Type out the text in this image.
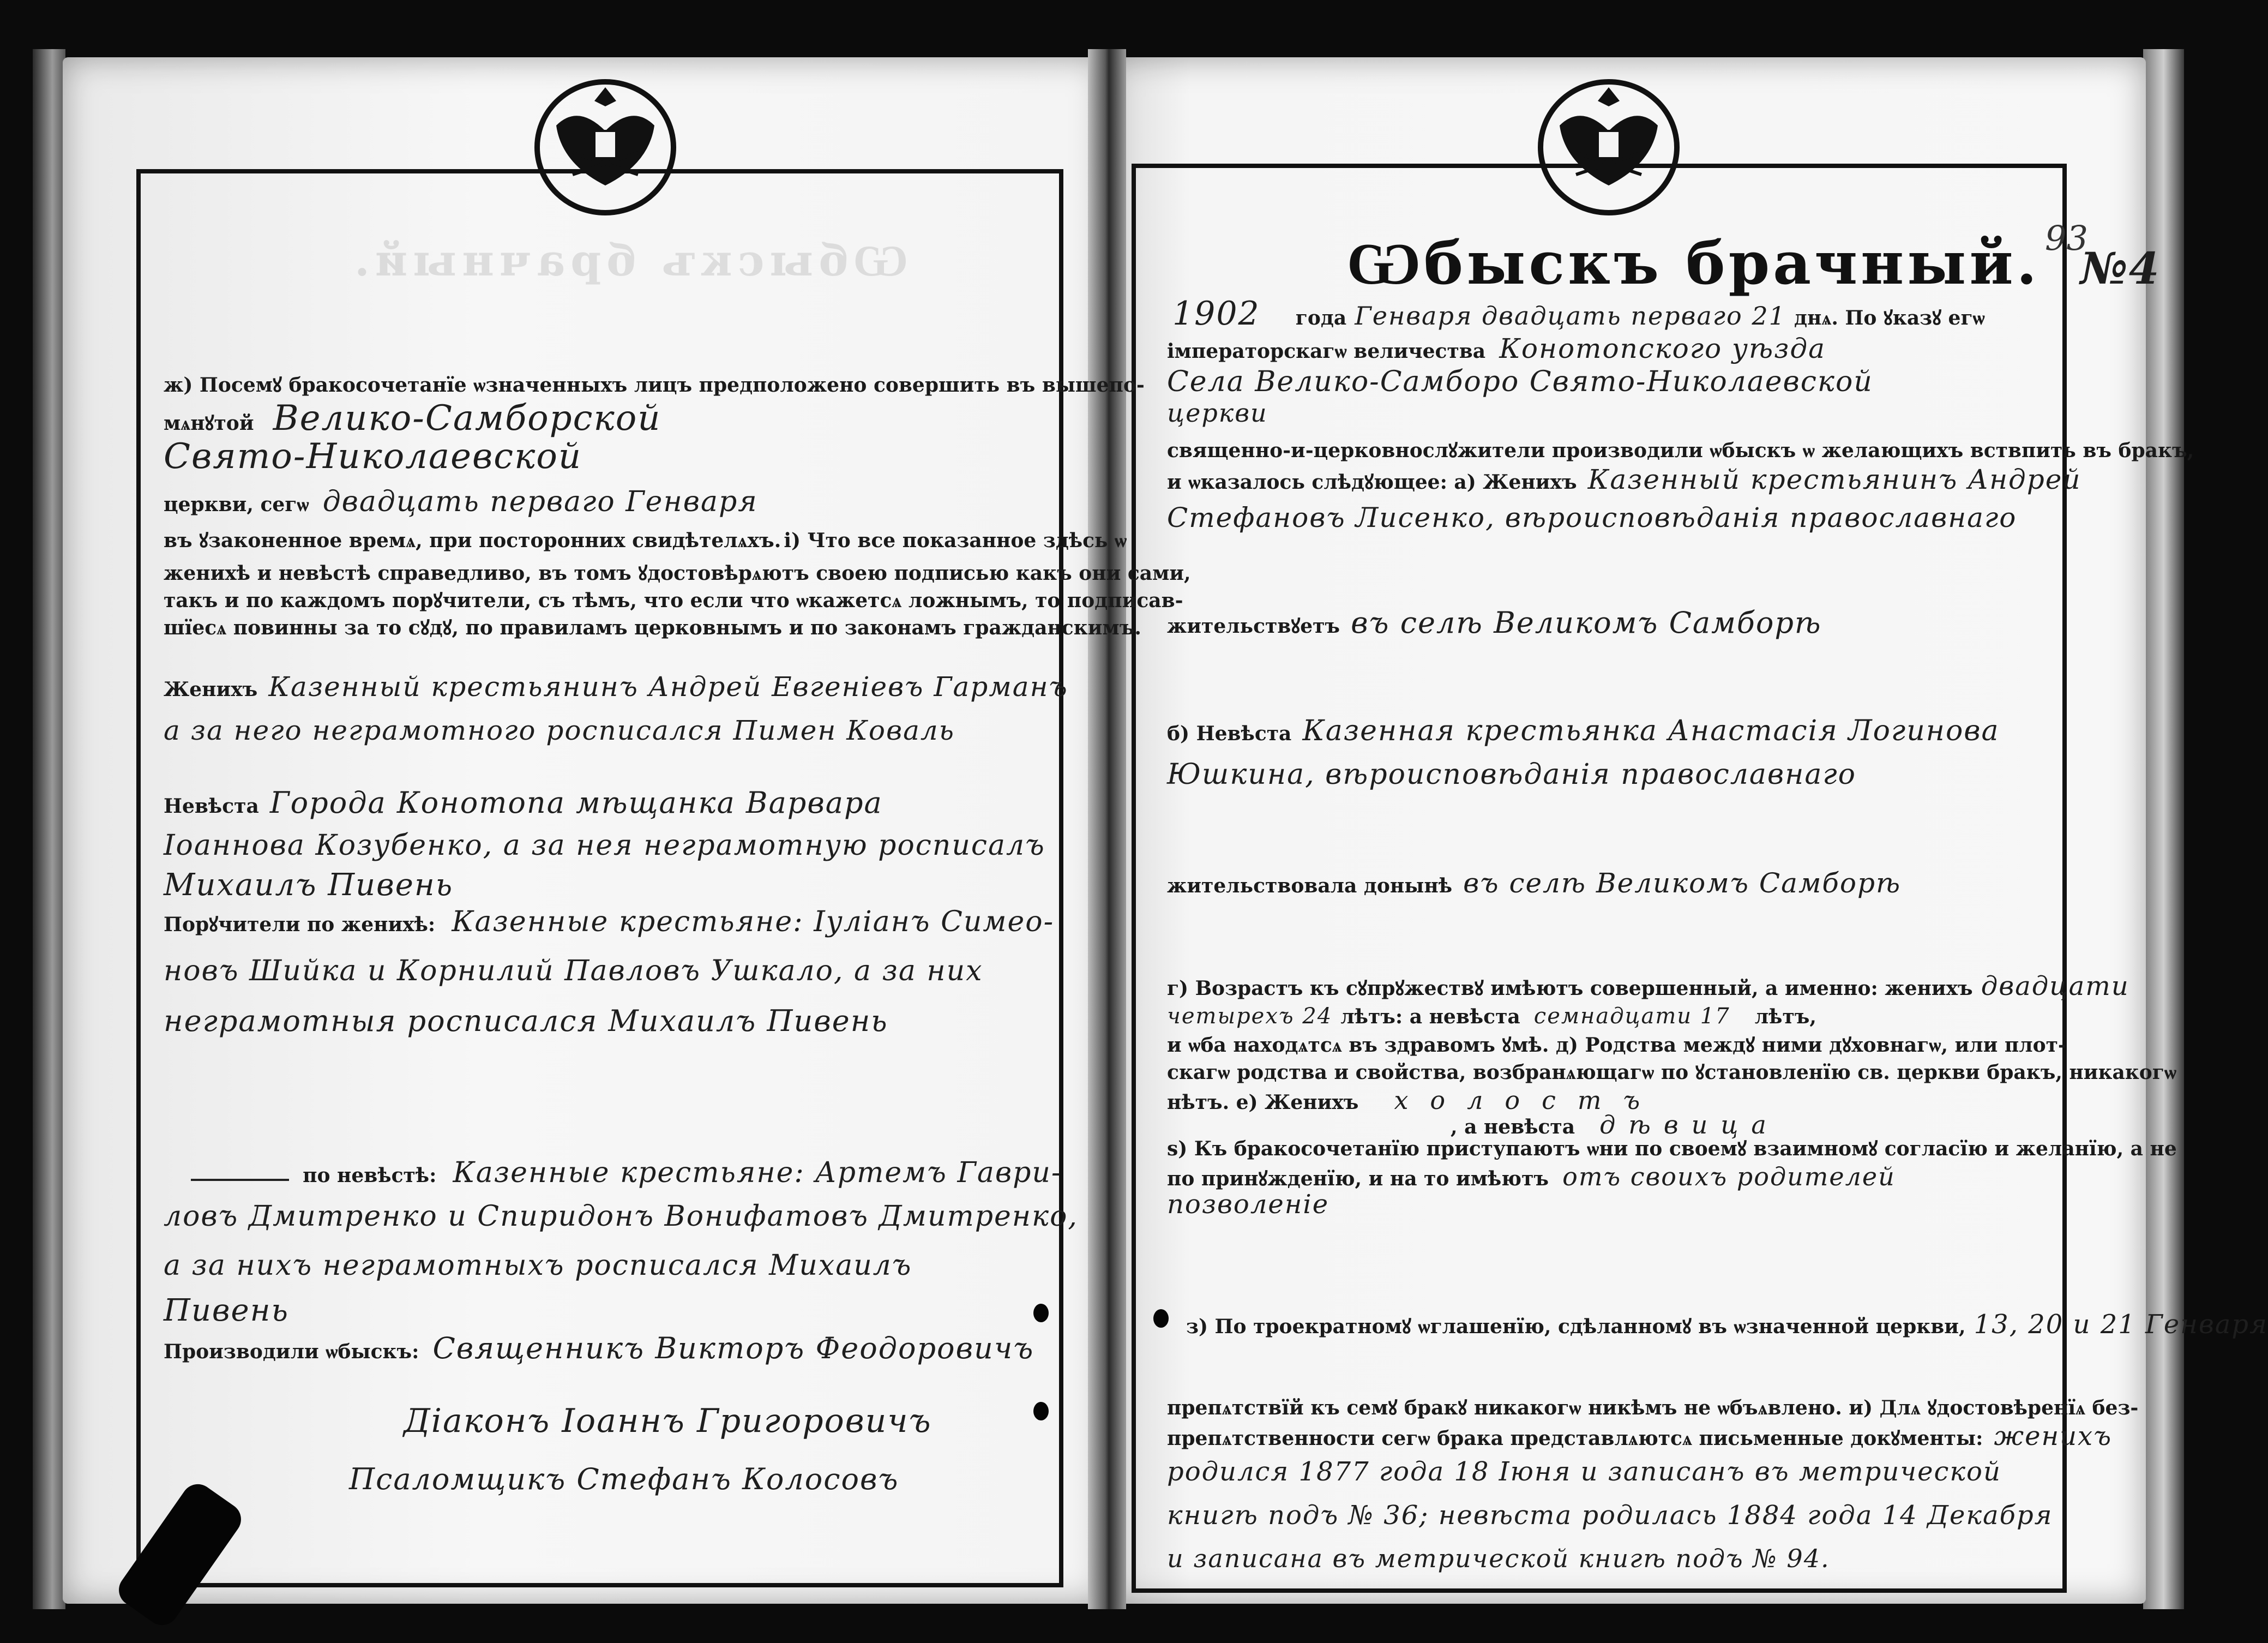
Ѡбыскъ брачный.
ж) Посемꙋ бракосочетанїе ѡзначенныхъ лицъ предположено совершить въ вышепо-
мѧнꙋтой Велико-Самборской
Свято-Николаевской
церкви, сегѡ двадцать перваго Генваря
въ ꙋзаконенное времѧ, при посторонних свидѣтелѧхъ. і) Что все показанное здѣсь ѡ
женихѣ и невѣстѣ справедливо, въ томъ ꙋдостовѣрѧютъ своею подписью какъ они сами,
такъ и по каждомъ порꙋчители, съ тѣмъ, что если что ѡкажетсѧ ложнымъ, то подписав-
шїесѧ повинны за то сꙋдꙋ, по правиламъ церковнымъ и по законамъ гражданскимъ.
Женихъ Казенный крестьянинъ Андрей Евгеніевъ Гарманъ
а за него неграмотного росписался Пимен Коваль
Невѣста Города Конотопа мѣщанка Варвара
Іоаннова Козубенко, а за нея неграмотную росписалъ
Михаилъ Пивень
Порꙋчители по женихѣ: Казенные крестьяне: Іуліанъ Симео-
новъ Шийка и Корнилий Павловъ Ушкало, а за них
неграмотныя росписался Михаилъ Пивень
по невѣстѣ: Казенные крестьяне: Артемъ Гаври-
ловъ Дмитренко и Спиридонъ Вонифатовъ Дмитренко,
а за нихъ неграмотныхъ росписался Михаилъ
Пивень
Производили ѡбыскъ: Священникъ Викторъ Феодоровичъ
Діаконъ Іоаннъ Григоровичъ
Псаломщикъ Стефанъ Колосовъ
Ѡбыскъ брачный. №4
93
1902 года Генваря двадцать перваго 21 днѧ. По ꙋказꙋ егѡ
імператорскагѡ величества Конотопского уѣзда
Села Велико-Самборо Свято-Николаевской
церкви
священно-и-церковнослꙋжители производили ѡбыскъ ѡ желающихъ вствпить въ бракъ,
и ѡказалось слѣдꙋющее: а) Женихъ Казенный крестьянинъ Андрей
Стефановъ Лисенко, вѣроисповѣданія православнаго
жительствꙋетъ въ селѣ Великомъ Самборѣ
б) Невѣста Казенная крестьянка Анастасія Логинова
Юшкина, вѣроисповѣданія православнаго
жительствовала донынѣ въ селѣ Великомъ Самборѣ
г) Возрастъ къ сꙋпрꙋжествꙋ имѣютъ совершенный, а именно: женихъ двадцати
четырехъ 24 лѣтъ: а невѣста семнадцати 17 лѣтъ,
и ѡба находѧтсѧ въ здравомъ ꙋмѣ. д) Родства междꙋ ними дꙋховнагѡ, или плот-
скагѡ родства и свойства, возбранѧющагѡ по ꙋстановленїю св. церкви бракъ, никакогѡ
нѣтъ. е) Женихъ холостъ
, а невѣста дѣвица
ѕ) Къ бракосочетанїю приступаютъ ѡни по своемꙋ взаимномꙋ согласїю и желанїю, а не
по принꙋжденїю, и на то имѣютъ отъ своихъ родителей
позволеніе
з) По троекратномꙋ ѡглашенїю, сдѣланномꙋ въ ѡзначенной церкви, 13, 20 и 21 Генваря
препѧтствїй къ семꙋ бракꙋ никакогѡ никѣмъ не ѡбъѧвлено. и) Длѧ ꙋдостовѣренїѧ без-
препѧтственности сегѡ брака представлѧютсѧ письменные докꙋменты: женихъ
родился 1877 года 18 Іюня и записанъ въ метрической
книгѣ подъ № 36; невѣста родилась 1884 года 14 Декабря
и записана въ метрической книгѣ подъ № 94.
